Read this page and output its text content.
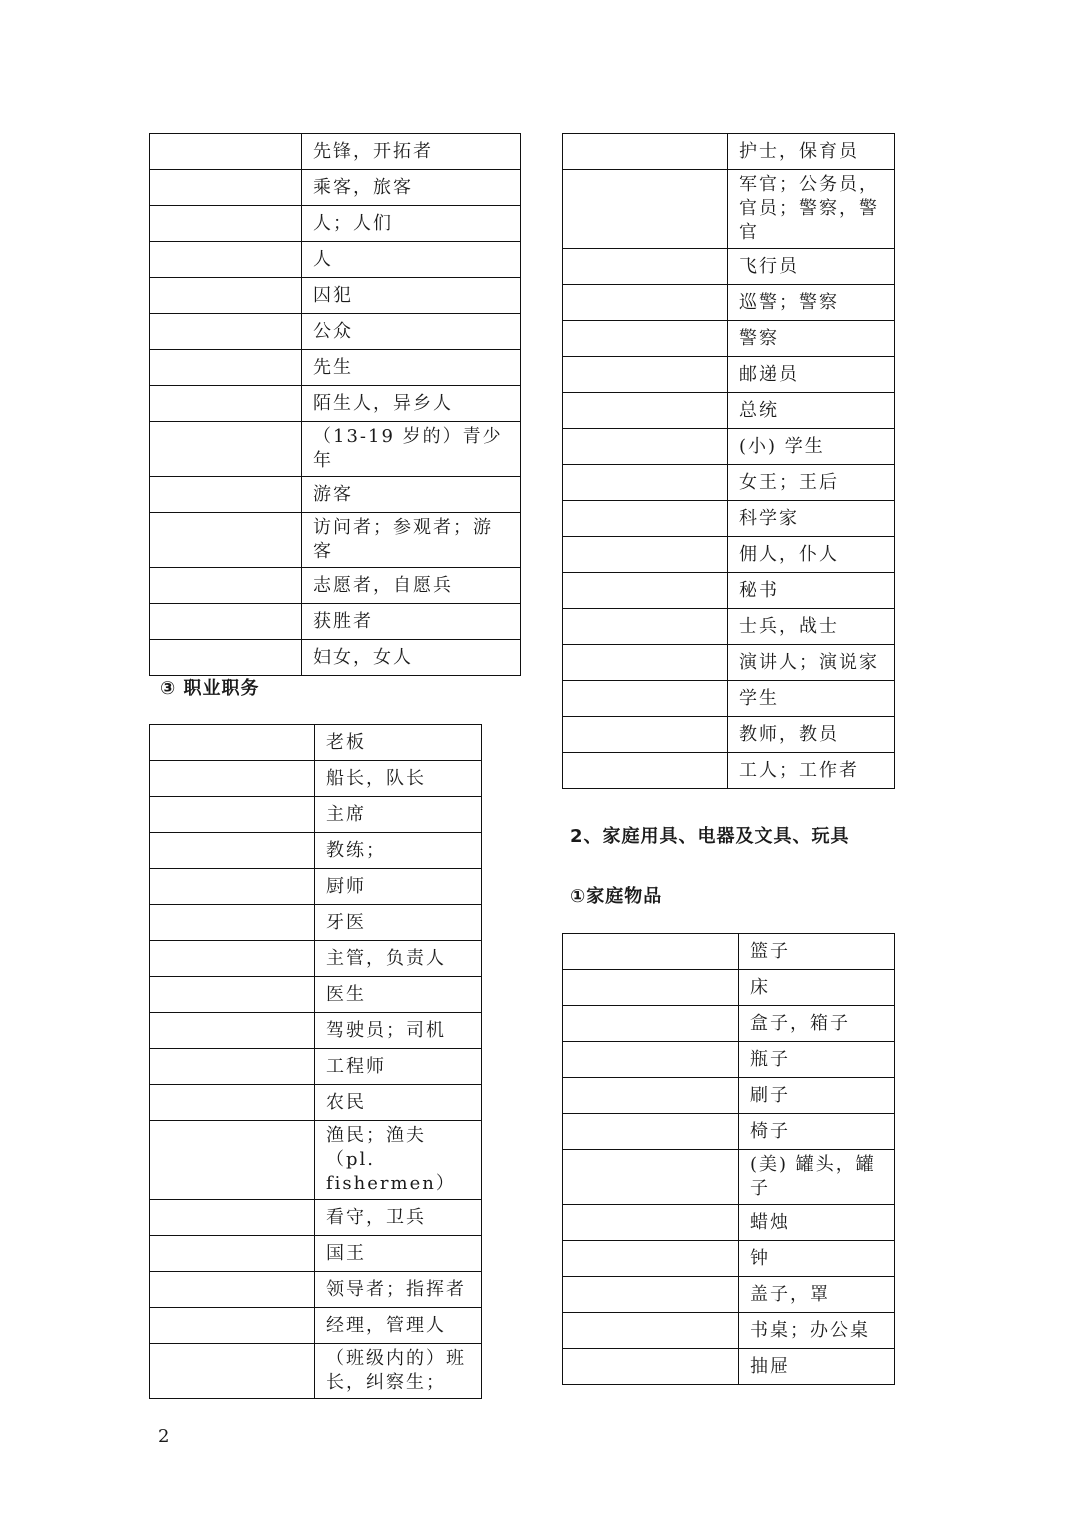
	先锋，开拓者
	乘客，旅客
	人；人们
	人
	囚犯
	公众
	先生
	陌生人，异乡人
	（13-19 岁的）青少年
	游客
	访问者；参观者；游客
	志愿者，自愿兵
	获胜者
	妇女，女人
③ 职业职务
	老板
	船长，队长
	主席
	教练；
	厨师
	牙医
	主管，负责人
	医生
	驾驶员；司机
	工程师
	农民
	渔民；渔夫（pl. fishermen）
	看守，卫兵
	国王
	领导者；指挥者
	经理，管理人
	（班级内的）班长，纠察生；
	护士，保育员
	军官；公务员，官员；警察，警官
	飞行员
	巡警；警察
	警察
	邮递员
	总统
	(小) 学生
	女王；王后
	科学家
	佣人，仆人
	秘书
	士兵，战士
	演讲人；演说家
	学生
	教师，教员
	工人；工作者
2、家庭用具、电器及文具、玩具
①家庭物品
	篮子
	床
	盒子，箱子
	瓶子
	刷子
	椅子
	(美) 罐头，罐子
	蜡烛
	钟
	盖子，罩
	书桌；办公桌
	抽屉
2
